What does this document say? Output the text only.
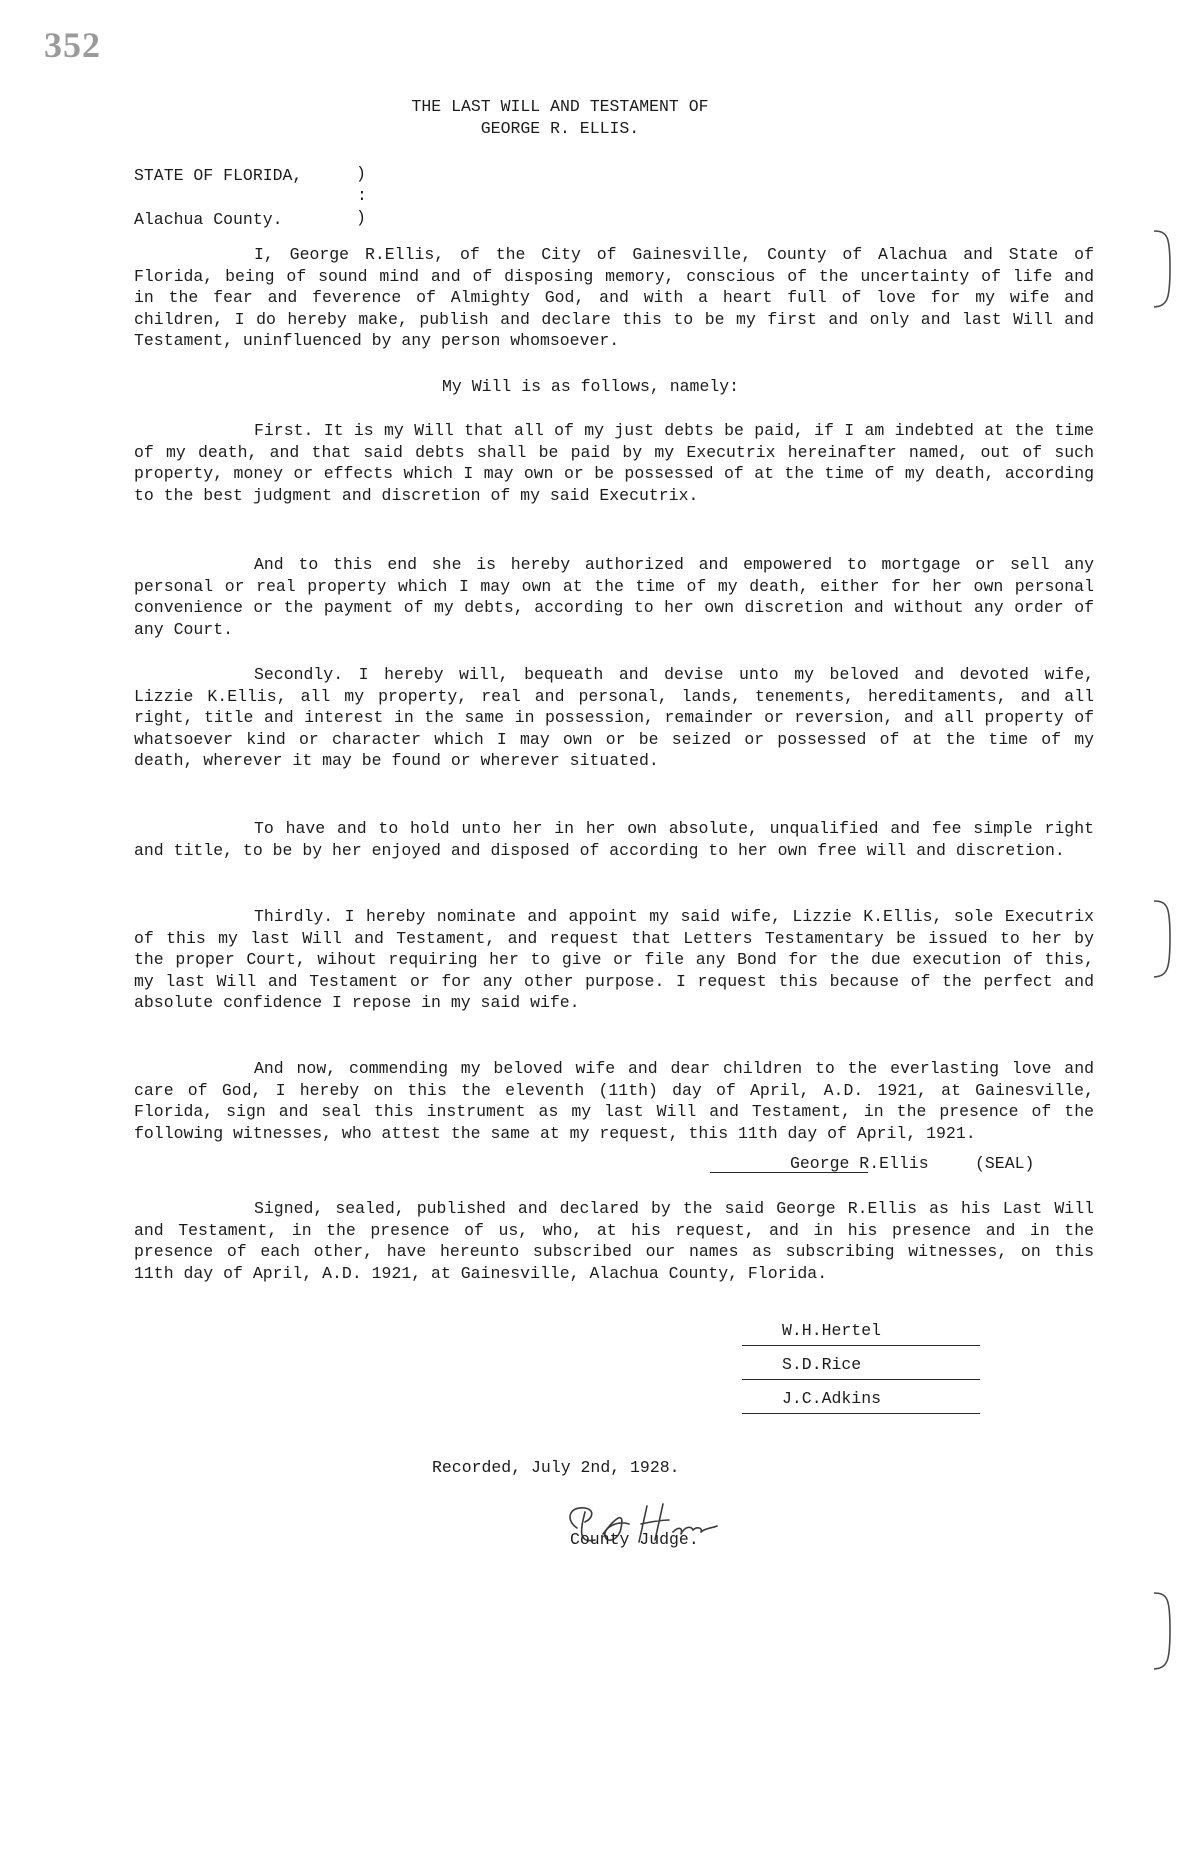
352
THE LAST WILL AND TESTAMENT OF
GEORGE R. ELLIS.
STATE OF FLORIDA,	)
:
Alachua County.	)
I, George R.Ellis, of the City of Gainesville, County of Alachua and State of Florida, being of sound mind and of disposing memory, conscious of the uncertainty of life and in the fear and feverence of Almighty God, and with a heart full of love for my wife and children, I do hereby make, publish and declare this to be my first and only and last Will and Testament, uninfluenced by any person whomsoever.
My Will is as follows, namely:
First. It is my Will that all of my just debts be paid, if I am indebted at the time of my death, and that said debts shall be paid by my Executrix hereinafter named, out of such property, money or effects which I may own or be possessed of at the time of my death, according to the best judgment and discretion of my said Executrix.
And to this end she is hereby authorized and empowered to mortgage or sell any personal or real property which I may own at the time of my death, either for her own personal convenience or the payment of my debts, according to her own discretion and without any order of any Court.
Secondly. I hereby will, bequeath and devise unto my beloved and devoted wife, Lizzie K.Ellis, all my property, real and personal, lands, tenements, hereditaments, and all right, title and interest in the same in possession, remainder or reversion, and all property of whatsoever kind or character which I may own or be seized or possessed of at the time of my death, wherever it may be found or wherever situated.
To have and to hold unto her in her own absolute, unqualified and fee simple right and title, to be by her enjoyed and disposed of according to her own free will and discretion.
Thirdly. I hereby nominate and appoint my said wife, Lizzie K.Ellis, sole Executrix of this my last Will and Testament, and request that Letters Testamentary be issued to her by the proper Court, wihout requiring her to give or file any Bond for the due execution of this, my last Will and Testament or for any other purpose. I request this because of the perfect and absolute confidence I repose in my said wife.
And now, commending my beloved wife and dear children to the everlasting love and care of God, I hereby on this the eleventh (11th) day of April, A.D. 1921, at Gainesville, Florida, sign and seal this instrument as my last Will and Testament, in the presence of the following witnesses, who attest the same at my request, this 11th day of April, 1921.
George R.Ellis	(SEAL)
Signed, sealed, published and declared by the said George R.Ellis as his Last Will and Testament, in the presence of us, who, at his request, and in his presence and in the presence of each other, have hereunto subscribed our names as subscribing witnesses, on this 11th day of April, A.D. 1921, at Gainesville, Alachua County, Florida.
W.H.Hertel
S.D.Rice
J.C.Adkins
Recorded, July 2nd, 1928.
County Judge.
